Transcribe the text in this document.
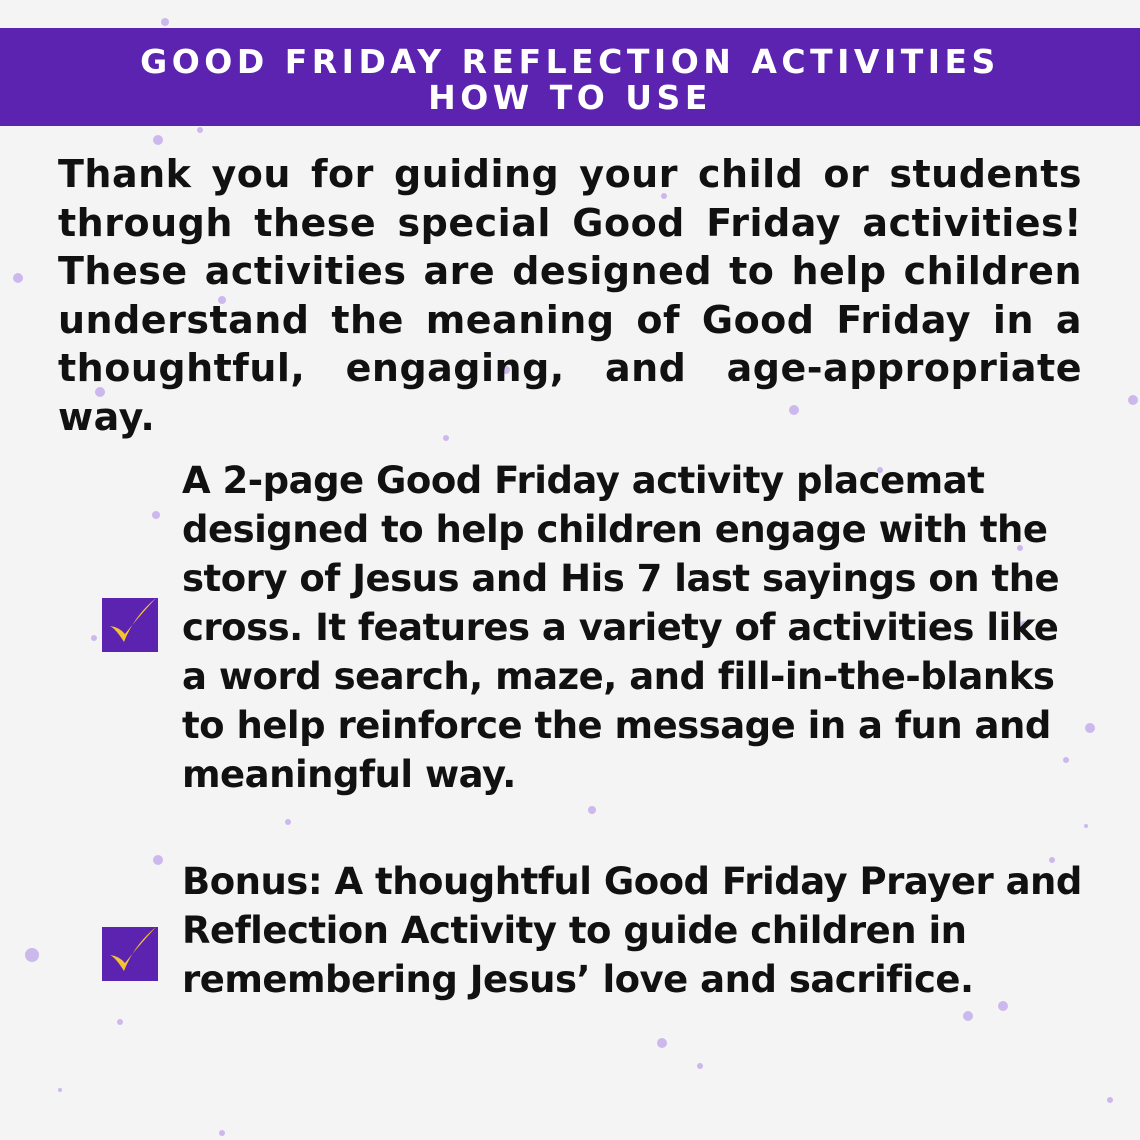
GOOD FRIDAY REFLECTION ACTIVITIES
HOW TO USE

Thank you for guiding your child or students through these special Good Friday activities! These activities are designed to help children understand the meaning of Good Friday in a thoughtful, engaging, and age-appropriate way.

A 2-page Good Friday activity placemat designed to help children engage with the story of Jesus and His 7 last sayings on the cross. It features a variety of activities like a word search, maze, and fill-in-the-blanks to help reinforce the message in a fun and meaningful way.

Bonus: A thoughtful Good Friday Prayer and Reflection Activity to guide children in remembering Jesus’ love and sacrifice.
